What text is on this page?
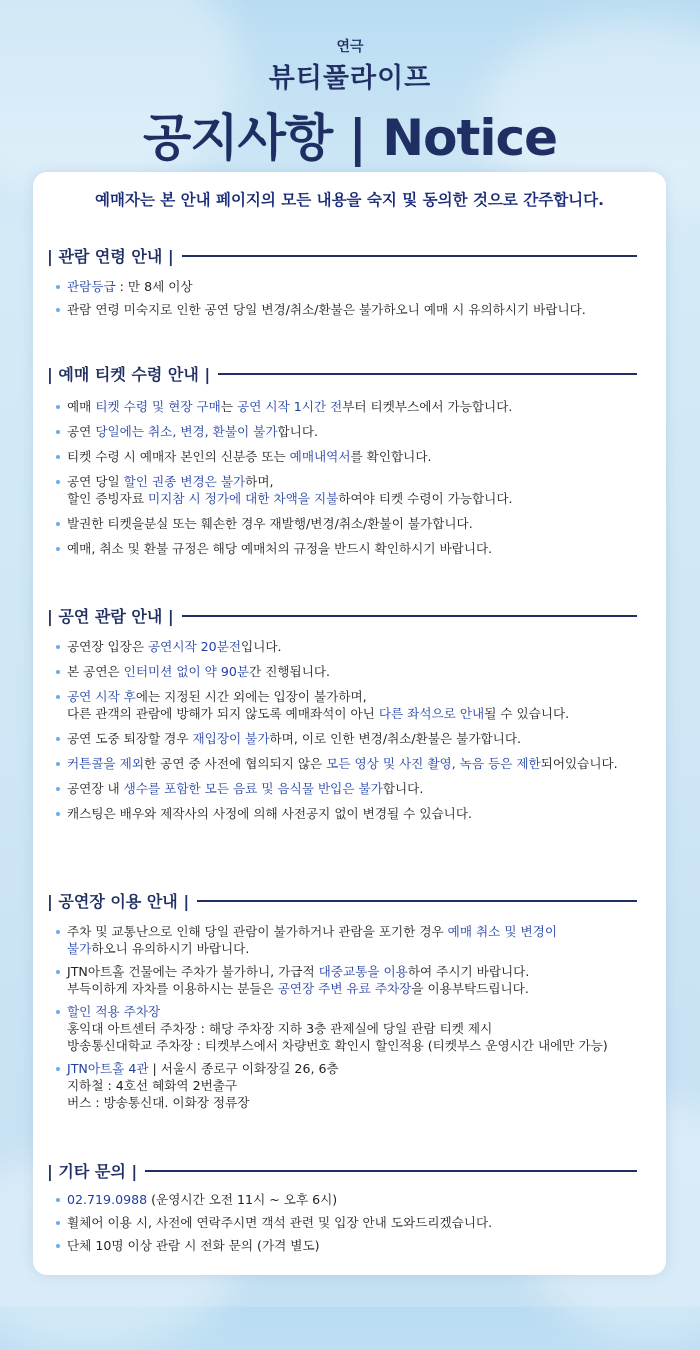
연극
뷰티풀라이프
공지사항 | Notice
예매자는 본 안내 페이지의 모든 내용을 숙지 및 동의한 것으로 간주합니다.
| 관람 연령 안내 |
관람등급 : 만 8세 이상
관람 연령 미숙지로 인한 공연 당일 변경/취소/환불은 불가하오니 예매 시 유의하시기 바랍니다.
| 예매 티켓 수령 안내 |
예매 티켓 수령 및 현장 구매는 공연 시작 1시간 전부터 티켓부스에서 가능합니다.
공연 당일에는 취소, 변경, 환불이 불가합니다.
티켓 수령 시 예매자 본인의 신분증 또는 예매내역서를 확인합니다.
공연 당일 할인 권종 변경은 불가하며,
할인 증빙자료 미지참 시 정가에 대한 차액을 지불하여야 티켓 수령이 가능합니다.
발권한 티켓을분실 또는 훼손한 경우 재발행/변경/취소/환불이 불가합니다.
예매, 취소 및 환불 규정은 해당 예매처의 규정을 반드시 확인하시기 바랍니다.
| 공연 관람 안내 |
공연장 입장은 공연시작 20분전입니다.
본 공연은 인터미션 없이 약 90분간 진행됩니다.
공연 시작 후에는 지정된 시간 외에는 입장이 불가하며,
다른 관객의 관람에 방해가 되지 않도록 예매좌석이 아닌 다른 좌석으로 안내될 수 있습니다.
공연 도중 퇴장할 경우 재입장이 불가하며, 이로 인한 변경/취소/환불은 불가합니다.
커튼콜을 제외한 공연 중 사전에 협의되지 않은 모든 영상 및 사진 촬영, 녹음 등은 제한되어있습니다.
공연장 내 생수를 포함한 모든 음료 및 음식물 반입은 불가합니다.
캐스팅은 배우와 제작사의 사정에 의해 사전공지 없이 변경될 수 있습니다.
| 공연장 이용 안내 |
주차 및 교통난으로 인해 당일 관람이 불가하거나 관람을 포기한 경우 예매 취소 및 변경이
불가하오니 유의하시기 바랍니다.
JTN아트홀 건물에는 주차가 불가하니, 가급적 대중교통을 이용하여 주시기 바랍니다.
부득이하게 자차를 이용하시는 분들은 공연장 주변 유료 주차장을 이용부탁드립니다.
할인 적용 주차장
홍익대 아트센터 주차장 : 해당 주차장 지하 3층 관제실에 당일 관람 티켓 제시
방송통신대학교 주차장 : 티켓부스에서 차량번호 확인시 할인적용 (티켓부스 운영시간 내에만 가능)
JTN아트홀 4관 | 서울시 종로구 이화장길 26, 6층
지하철 : 4호선 혜화역 2번출구
버스 : 방송통신대. 이화장 정류장
| 기타 문의 |
02.719.0988 (운영시간 오전 11시 ~ 오후 6시)
휠체어 이용 시, 사전에 연락주시면 객석 관련 및 입장 안내 도와드리겠습니다.
단체 10명 이상 관람 시 전화 문의 (가격 별도)
